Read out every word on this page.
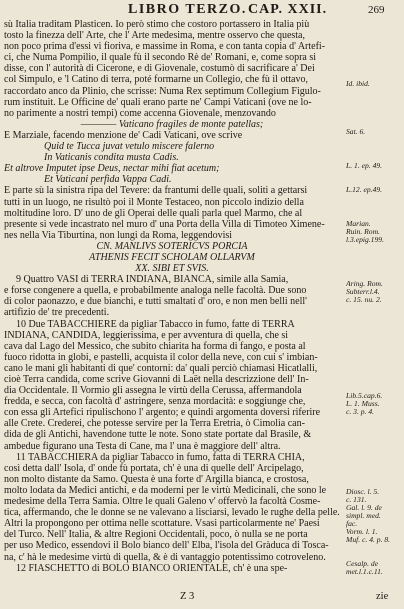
269
LIBRO TERZO. CAP. XXII.
sù Italia traditam Plasticen. Io però stimo che costoro portassero in Italia più
tosto la finezza dell' Arte, che l' Arte medesima, mentre osservo che questa,
non poco prima d'essi vi fioriva, e massime in Roma, e con tanta copia d' Artefi-
ci, che Numa Pompilio, il quale fù il secondo Rè de' Romani, e, come sopra si
disse, con l' autorità di Cicerone, e di Giovenale, costumò di sacrificare a' Dei
col Simpulo, e 'l Catino di terra, poté formarne un Collegio, che fù il ottavo,
raccordato anco da Plinio, che scrisse: Numa Rex septimum Collegium Figulo-
rum instituit. Le Officine de' quali erano parte ne' Campi Vaticani (ove ne lo-
no parimente a nostri tempi) come accenna Giovenale, menzovando
———— Vaticano fragiles de monte patellas;
E Marziale, facendo menzione de' Cadi Vaticani, ove scrive
Quid te Tucca juvat vetulo miscere falerno
In Vaticanis condita musta Cadis.
Et altrove Imputet ipse Deus, nectar mihi fiat acetum;
Et Vaticani perfida Vappa Cadi.
E parte sù la sinistra ripa del Tevere: da frantumi delle quali, soliti a gettarsi
tutti in un luogo, ne risultò poi il Monte Testaceo, non piccolo indizio della
moltitudine loro. D' uno de gli Operai delle quali parla quel Marmo, che al
presente si vede incastrato nel muro d' una Porta della Villa di Timoteo Ximene-
nes nella Via Tiburtina, non lungi da Roma, leggendovisi
CN. MANLIVS SOTERICVS PORCIA
ATHENIS FECIT SCHOLAM OLLARVM
XX. SIBI ET SVIS.
9 Quattro VASI di TERRA INDIANA, BIANCA, simile alla Samia,
e forse congenere a quella, e probabilmente analoga nelle facoltà. Due sono
di color paonazzo, e due bianchi, e tutti smaltati d' oro, e non men belli nell'
artifizio de' tre precedenti.
10 Due TABACCHIERE da pigliar Tabacco in fumo, fatte di TERRA
INDIANA, CANDIDA, leggierissima, e per avventura di quella, che si
cava dal Lago del Messico, che subito chiarita ha forma di fango, e posta al
fuoco ridotta in globi, e pastelli, acquista il color della neve, con cui s' imbian-
cano le mani gli habitanti di que' contorni: da' quali perciò chiamasi Hicatlalli,
cioè Terra candida, come scrive Giovanni di Laët nella descrizzione dell' In-
dia Occidentale. Il Vormio gli assegna le virtù della Cerussa, affermandola
fredda, e secca, con facoltà d' astringere, senza mordacità: e soggiunge che,
con essa gli Artefici ripulischono l' argento; e quindi argomenta doversi riferire
alle Crete. Crederei, che potesse servire per la Terra Eretria, ò Cimolia can-
dida de gli Antichi, havendone tutte le note. Sono state portate dal Brasile, &
ambedue figurano una Testa di Cane, ma l' una è maggiore dell' altra.
11 TABACCHIERA da pigliar Tabacco in fumo, fatta di TERRA CHIA,
così detta dall' Isola, d' onde fù portata, ch' è una di quelle dell' Arcipelago,
non molto distante da Samo. Questa è una forte d' Argilla bianca, e crostosa,
molto lodata da Medici antichi, e da moderni per le virtù Medicinali, che sono le
medesime della Terra Samia. Oltre le quali Galeno v' offervò la facoltà Cosme-
tica, affermando, che le donne se ne valevano a lisciarsi, levado le rughe della pelle.
Altri la propongono per ottima nelle scottature. Vsasi particolarmente ne' Paesi
del Turco. Nell' Italia, & altre Regioni Occidentali, poco, ò nulla se ne porta
per uso Medico, essendovi il Bolo bianco dell' Elba, l'isola del Gràduca di Tosca-
na, c' hà le medesime virtù di quella, & è di vantaggio potentissimo cotrovelenо.
12 FIASCHETTO di BOLO BIANCO ORIENTALE, ch' è una spe-
Id. ibid.
Sat. 6.
L. 1. ep. 49.
L.12. ep.49.
Marian.
Ruin. Rom.
l.3.epig.199.
Aring. Rom.
Subterr.l.4.
c. 15. nu. 2.
Lib.5.cap.6.
L. 1. Muss.
c. 3. p. 4.
Diosc. l. 5.
c. 131.
Gal. l. 9. de
simpl. med.
fac.
Vorm. l. 1.
Muf. c. 4. p. 8.
Cesalp. de
met.l.1.c.11.
Z 3	zie
